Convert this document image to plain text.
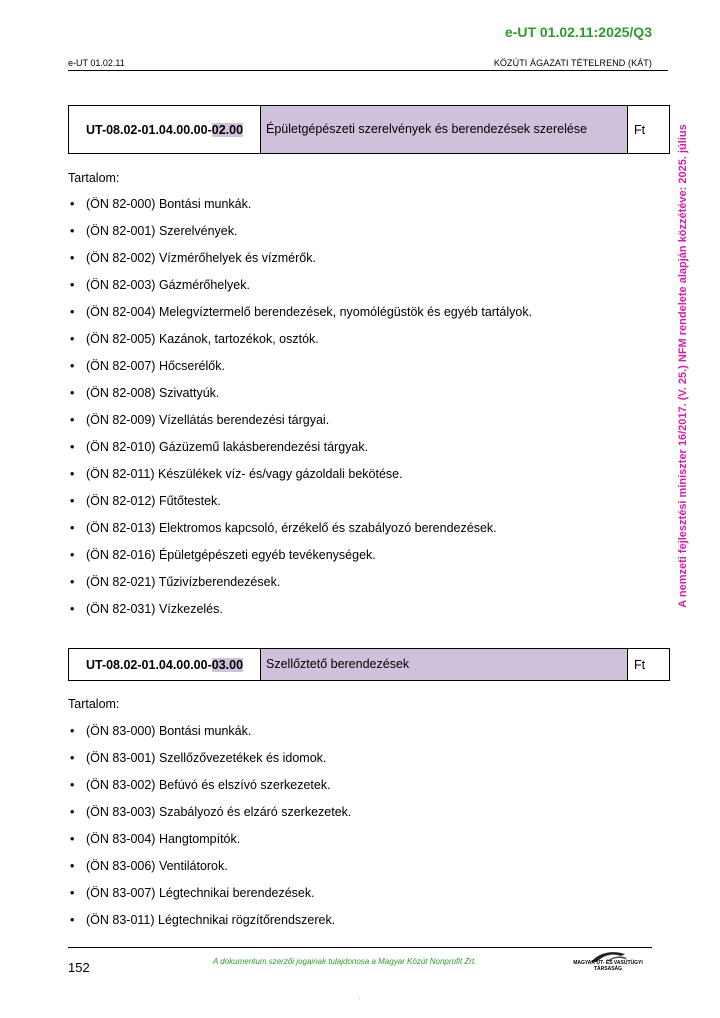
e-UT 01.02.11:2025/Q3
e-UT 01.02.11	KÖZÚTI ÁGAZATI TÉTELREND (KÁT)
A nemzeti fejlesztési miniszter 16/2017. (V. 25.) NFM rendelete alapján közzétéve: 2025. július
UT-08.02-01.04.00.00-02.00	Épületgépészeti szerelvények és berendezések szerelése	Ft
Tartalom:
• (ÖN 82-000) Bontási munkák.
• (ÖN 82-001) Szerelvények.
• (ÖN 82-002) Vízmérőhelyek és vízmérők.
• (ÖN 82-003) Gázmérőhelyek.
• (ÖN 82-004) Melegvíztermelő berendezések, nyomólégüstök és egyéb tartályok.
• (ÖN 82-005) Kazánok, tartozékok, osztók.
• (ÖN 82-007) Hőcserélők.
• (ÖN 82-008) Szivattyúk.
• (ÖN 82-009) Vízellátás berendezési tárgyai.
• (ÖN 82-010) Gázüzemű lakásberendezési tárgyak.
• (ÖN 82-011) Készülékek víz- és/vagy gázoldali bekötése.
• (ÖN 82-012) Fűtőtestek.
• (ÖN 82-013) Elektromos kapcsoló, érzékelő és szabályozó berendezések.
• (ÖN 82-016) Épületgépészeti egyéb tevékenységek.
• (ÖN 82-021) Tűzivízberendezések.
• (ÖN 82-031) Vízkezelés.
UT-08.02-01.04.00.00-03.00	Szellőztető berendezések	Ft
Tartalom:
• (ÖN 83-000) Bontási munkák.
• (ÖN 83-001) Szellőzővezetékek és idomok.
• (ÖN 83-002) Befúvó és elszívó szerkezetek.
• (ÖN 83-003) Szabályozó és elzáró szerkezetek.
• (ÖN 83-004) Hangtompítók.
• (ÖN 83-006) Ventilátorok.
• (ÖN 83-007) Légtechnikai berendezések.
• (ÖN 83-011) Légtechnikai rögzítőrendszerek.
152	A dokumentum szerzői jogainak tulajdonosa a Magyar Közút Nonprofit Zrt.	MAGYAR ÚT- ÉS VASÚTÜGYI TÁRSASÁG
·
